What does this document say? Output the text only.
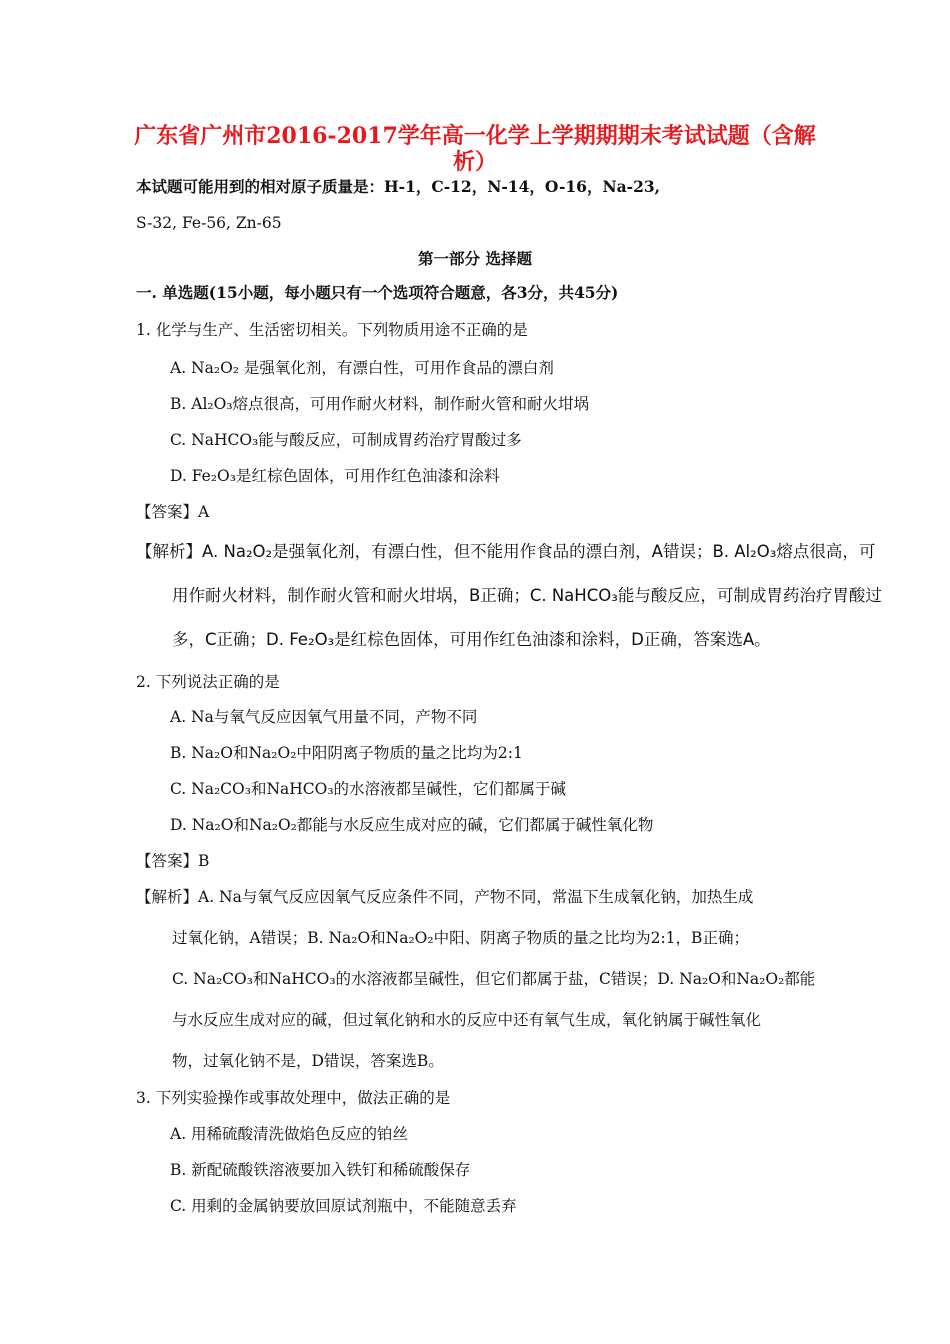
广东省广州市2016-2017学年高一化学上学期期期末考试试题（含解
析）
本试题可能用到的相对原子质量是：H-1，C-12，N-14，O-16，Na-23,
S-32, Fe-56, Zn-65
第一部分 选择题
一. 单选题(15小题，每小题只有一个选项符合题意，各3分，共45分)
1. 化学与生产、生活密切相关。下列物质用途不正确的是
A. Na₂O₂ 是强氧化剂，有漂白性，可用作食品的漂白剂
B. Al₂O₃熔点很高，可用作耐火材料，制作耐火管和耐火坩埚
C. NaHCO₃能与酸反应，可制成胃药治疗胃酸过多
D. Fe₂O₃是红棕色固体，可用作红色油漆和涂料
【答案】A
【解析】A. Na₂O₂是强氧化剂，有漂白性，但不能用作食品的漂白剂，A错误；B. Al₂O₃熔点很高，可
用作耐火材料，制作耐火管和耐火坩埚，B正确；C. NaHCO₃能与酸反应，可制成胃药治疗胃酸过
多，C正确；D. Fe₂O₃是红棕色固体，可用作红色油漆和涂料，D正确，答案选A。
2. 下列说法正确的是
A. Na与氧气反应因氧气用量不同，产物不同
B. Na₂O和Na₂O₂中阳阴离子物质的量之比均为2:1
C. Na₂CO₃和NaHCO₃的水溶液都呈碱性，它们都属于碱
D. Na₂O和Na₂O₂都能与水反应生成对应的碱，它们都属于碱性氧化物
【答案】B
【解析】A. Na与氧气反应因氧气反应条件不同，产物不同，常温下生成氧化钠，加热生成
过氧化钠，A错误；B. Na₂O和Na₂O₂中阳、阴离子物质的量之比均为2:1，B正确；
C. Na₂CO₃和NaHCO₃的水溶液都呈碱性，但它们都属于盐，C错误；D. Na₂O和Na₂O₂都能
与水反应生成对应的碱，但过氧化钠和水的反应中还有氧气生成，氧化钠属于碱性氧化
物，过氧化钠不是，D错误，答案选B。
3. 下列实验操作或事故处理中，做法正确的是
A. 用稀硫酸清洗做焰色反应的铂丝
B. 新配硫酸铁溶液要加入铁钉和稀硫酸保存
C. 用剩的金属钠要放回原试剂瓶中，不能随意丢弃
